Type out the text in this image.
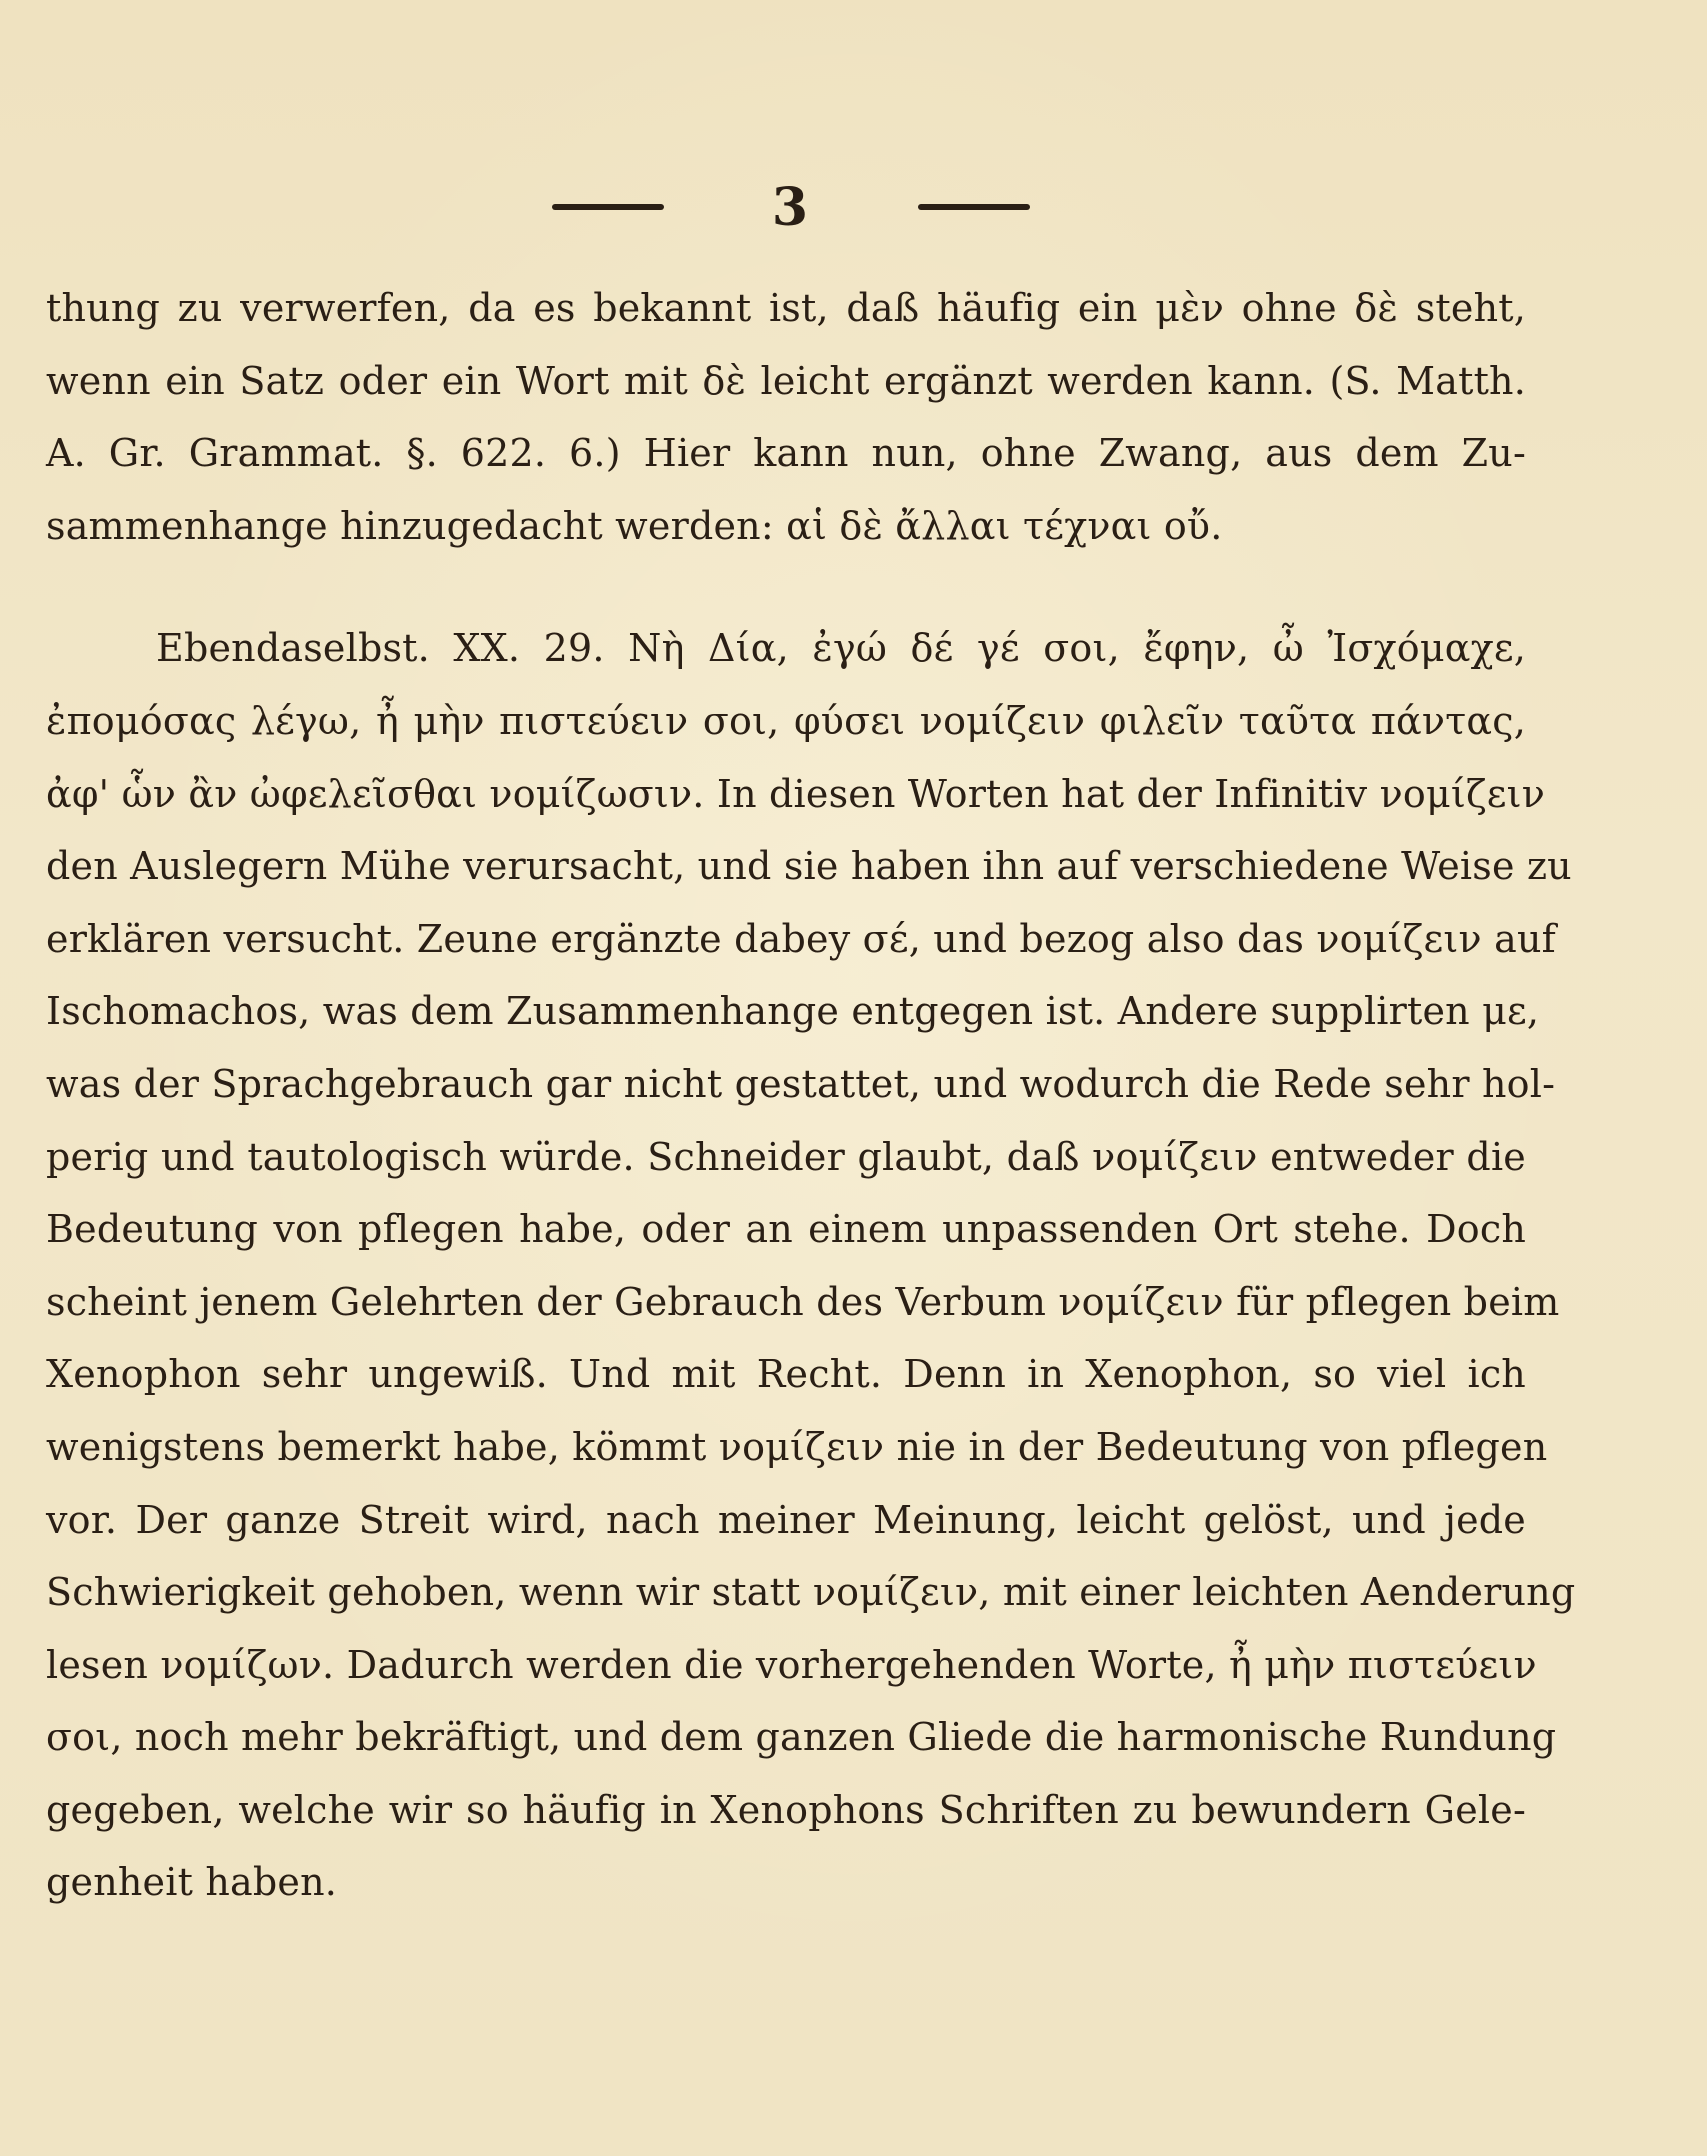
3
thung zu verwerfen, da es bekannt ist, daß häufig ein μὲν ohne δὲ steht,
wenn ein Satz oder ein Wort mit δὲ leicht ergänzt werden kann. (S. Matth.
A. Gr. Grammat. §. 622. 6.) Hier kann nun, ohne Zwang, aus dem Zu-
sammenhange hinzugedacht werden: αἱ δὲ ἄλλαι τέχναι οὔ.
Ebendaselbst. XX. 29. Νὴ Δία, ἐγώ δέ γέ σοι, ἔφην, ὦ Ἰσχόμαχε,
ἐπομόσας λέγω, ἦ μὴν πιστεύειν σοι, φύσει νομίζειν φιλεῖν ταῦτα πάντας,
ἀφ' ὧν ἂν ὠφελεῖσθαι νομίζωσιν. In diesen Worten hat der Infinitiv νομίζειν
den Auslegern Mühe verursacht, und sie haben ihn auf verschiedene Weise zu
erklären versucht. Zeune ergänzte dabey σέ, und bezog also das νομίζειν auf
Ischomachos, was dem Zusammenhange entgegen ist. Andere supplirten με,
was der Sprachgebrauch gar nicht gestattet, und wodurch die Rede sehr hol-
perig und tautologisch würde. Schneider glaubt, daß νομίζειν entweder die
Bedeutung von pflegen habe, oder an einem unpassenden Ort stehe. Doch
scheint jenem Gelehrten der Gebrauch des Verbum νομίζειν für pflegen beim
Xenophon sehr ungewiß. Und mit Recht. Denn in Xenophon, so viel ich
wenigstens bemerkt habe, kömmt νομίζειν nie in der Bedeutung von pflegen
vor. Der ganze Streit wird, nach meiner Meinung, leicht gelöst, und jede
Schwierigkeit gehoben, wenn wir statt νομίζειν, mit einer leichten Aenderung
lesen νομίζων. Dadurch werden die vorhergehenden Worte, ἦ μὴν πιστεύειν
σοι, noch mehr bekräftigt, und dem ganzen Gliede die harmonische Rundung
gegeben, welche wir so häufig in Xenophons Schriften zu bewundern Gele-
genheit haben.
